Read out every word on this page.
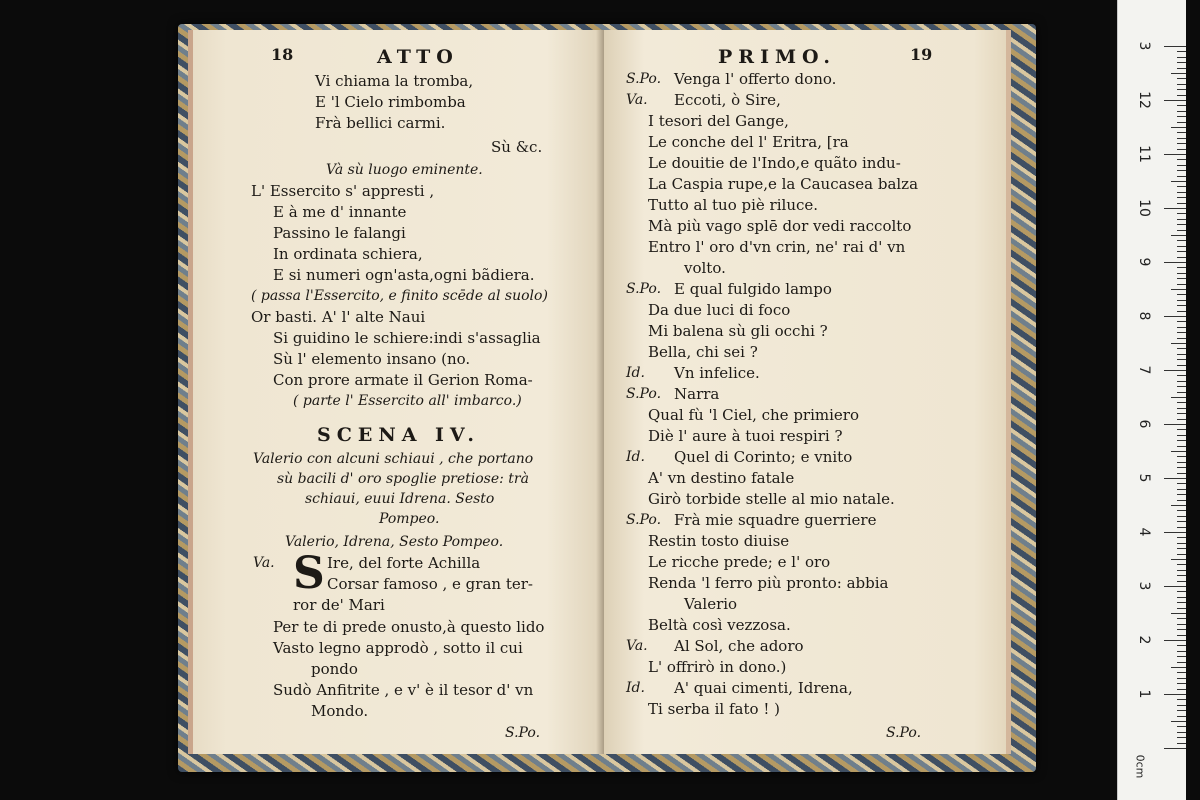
18	ATTO
Vi chiama la tromba,
E 'l Cielo rimbomba
Frà bellici carmi.
Sù &c.
Và sù luogo eminente.
L' Essercito s' apprestі ,
E à me d' innante
Passino le falangi
In ordinata schiera,
E si numeri ogn'asta,ogni bãdiera.
( passa l'Essercito, e finito scēde al suolo)
Or basti. A' l' alte Naui
Si guidino le schiere:indi s'assaglia
Sù l' elemento insano (no.
Con prore armate il Gerion Roma-
( parte l' Essercito all' imbarco.)
SCENA IV.
Valerio con alcuni schiaui , che portano
sù bacili d' oro spoglie pretiose: trà
schiaui, euui Idrena. Sesto
Pompeo.
Valerio, Idrena, Sesto Pompeo.
Va. S Ire, del forte Achilla
Corsar famoso , e gran ter-
ror de' Mari
Per te di prede onusto,à questo lido
Vasto legno approdò , sotto il cui
pondo
Sudò Anfitrite , e v' è il tesor d' vn
Mondo.
S.Po.
PRIMO.	19
S.Po. Venga l' offerto dono.
Va. Eccoti, ò Sire,
I tesori del Gange,
Le conche del l' Eritra, [ra
Le douitie de l'Indo,e quãto indu-
La Caspia rupe,e la Caucasea balza
Tutto al tuo piè riluce.
Mà più vago splē dor vedi raccolto
Entro l' oro d'vn crin, ne' rai d' vn
volto.
S.Po. E qual fulgido lampo
Da due luci di foco
Mi balena sù gli occhi ?
Bella, chi sei ?
Id. Vn infelice.
S.Po. Narra
Qual fù 'l Ciel, che primiero
Diè l' aure à tuoi respiri ?
Id. Quel di Corinto; e vnito
A' vn destino fatale
Girò torbide stelle al mio natale.
S.Po. Frà mie squadre guerriere
Restin tosto diuise
Le ricche prede; e l' oro
Renda 'l ferro più pronto: abbia
Valerio
Beltà così vezzosa.
Va. Al Sol, che adoro
L' offrirò in dono.)
Id. A' quai cimenti, Idrena,
Ti serba il fato ! )
S.Po.
3
12
11
10
9
8
7
6
5
4
3
2
1
0cm
